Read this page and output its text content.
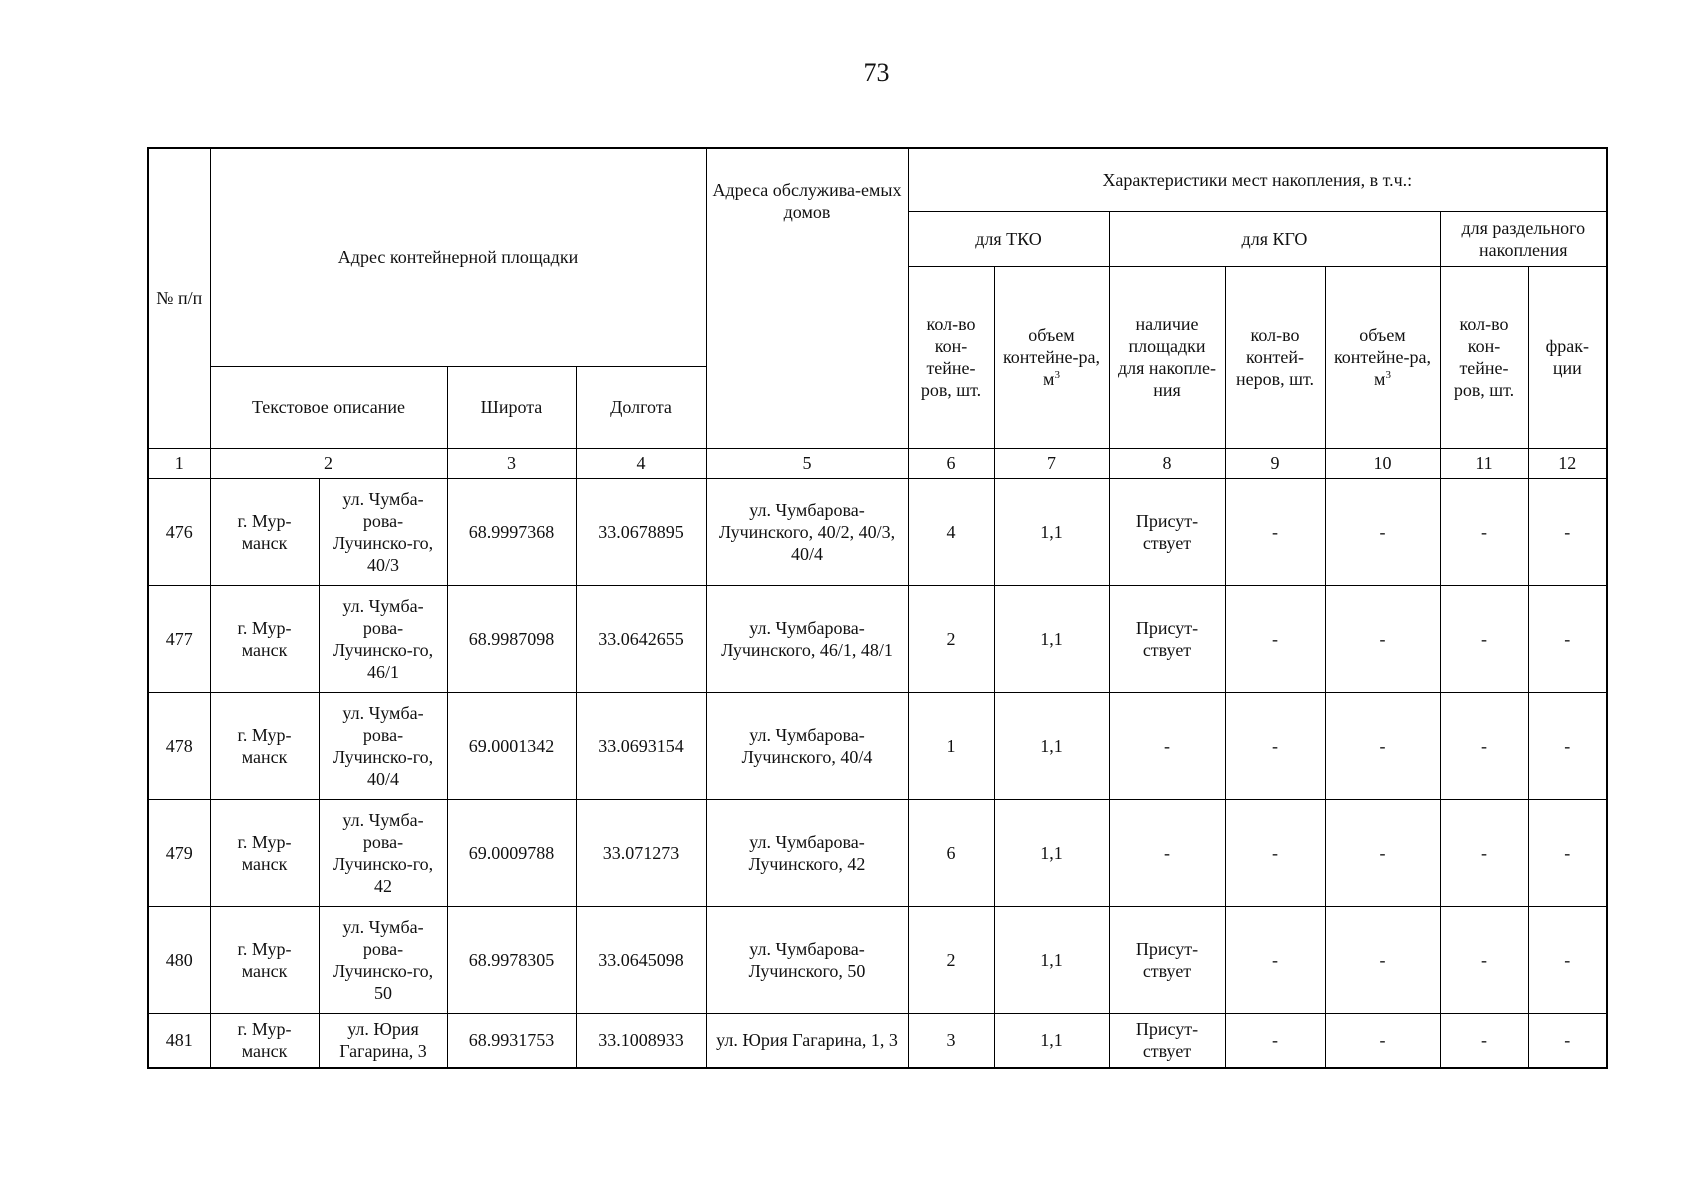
73
№ п/п	Адрес контейнерной площадки				Адреса обслужива-емых домов	Характеристики мест накопления, в т.ч.:						
						для ТКО		для КГО			для раздельного накопления	
						кол-во кон-тейне-ров, шт.	объем контейне-ра, $м^3$	наличие площадки для накопле-ния	кол-во контей-неров, шт.	объем контейне-ра, $м^3$	кол-во кон-тейне-ров, шт.	фрак-ции
	Текстовое описание		Широта	Долгота								
1	2		3	4	5	6	7	8	9	10	11	12
476	г. Мур-манск	ул. Чумба-рова-Лучинско-го, 40/3	68.9997368	33.0678895	ул. Чумбарова-Лучинского, 40/2, 40/3, 40/4	4	1,1	Присут-ствует	-	-	-	-
477	г. Мур-манск	ул. Чумба-рова-Лучинско-го, 46/1	68.9987098	33.0642655	ул. Чумбарова-Лучинского, 46/1, 48/1	2	1,1	Присут-ствует	-	-	-	-
478	г. Мур-манск	ул. Чумба-рова-Лучинско-го, 40/4	69.0001342	33.0693154	ул. Чумбарова-Лучинского, 40/4	1	1,1	-	-	-	-	-
479	г. Мур-манск	ул. Чумба-рова-Лучинско-го, 42	69.0009788	33.071273	ул. Чумбарова-Лучинского, 42	6	1,1	-	-	-	-	-
480	г. Мур-манск	ул. Чумба-рова-Лучинско-го, 50	68.9978305	33.0645098	ул. Чумбарова-Лучинского, 50	2	1,1	Присут-ствует	-	-	-	-
481	г. Мур-манск	ул. Юрия Гагарина, 3	68.9931753	33.1008933	ул. Юрия Гагарина, 1, 3	3	1,1	Присут-ствует	-	-	-	-
